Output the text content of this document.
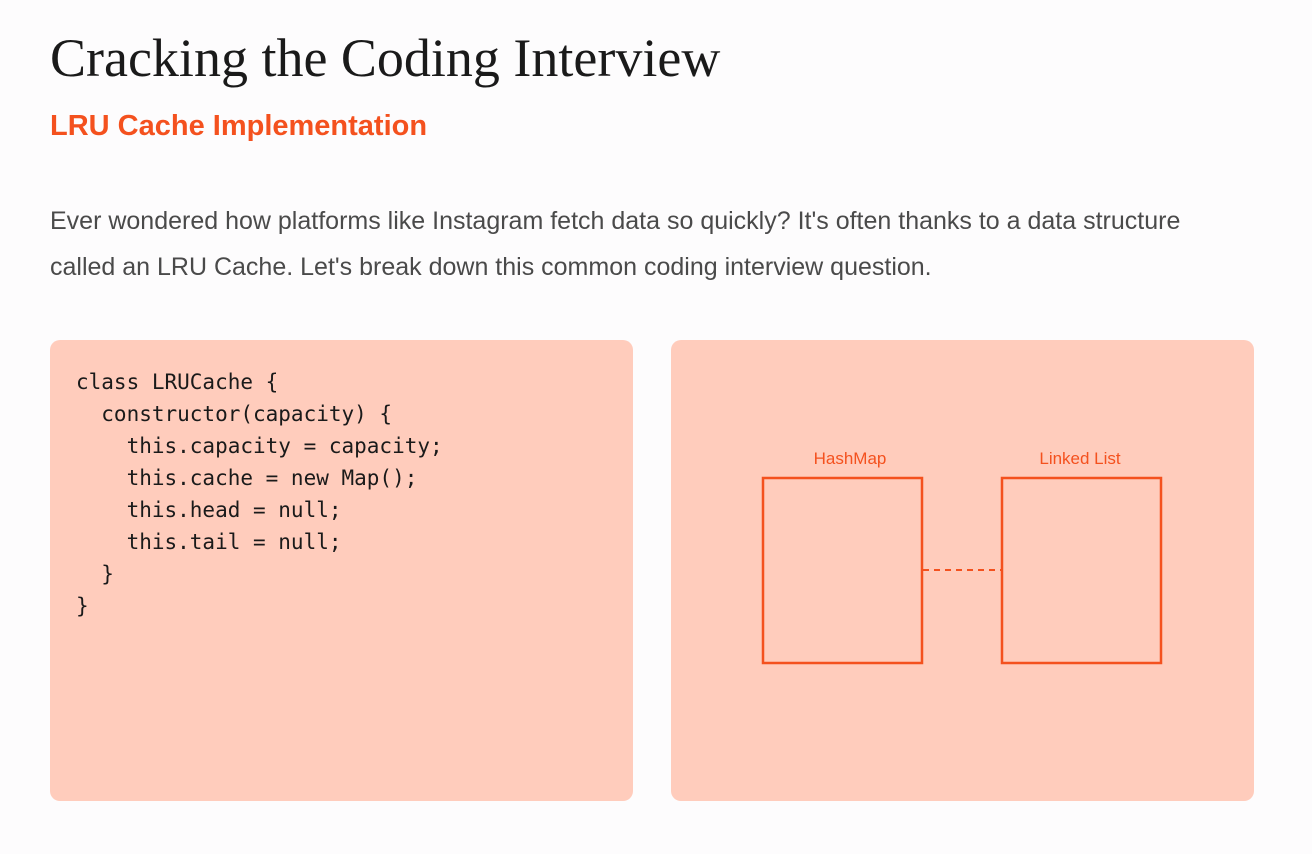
Cracking the Coding Interview
LRU Cache Implementation

Ever wondered how platforms like Instagram fetch data so quickly? It's often thanks to a data structure called an LRU Cache. Let's break down this common coding interview question.

class LRUCache {
constructor(capacity) {
this.capacity = capacity;
this.cache = new Map();
this.head = null;
this.tail = null;
}
}
HashMap	Linked List
